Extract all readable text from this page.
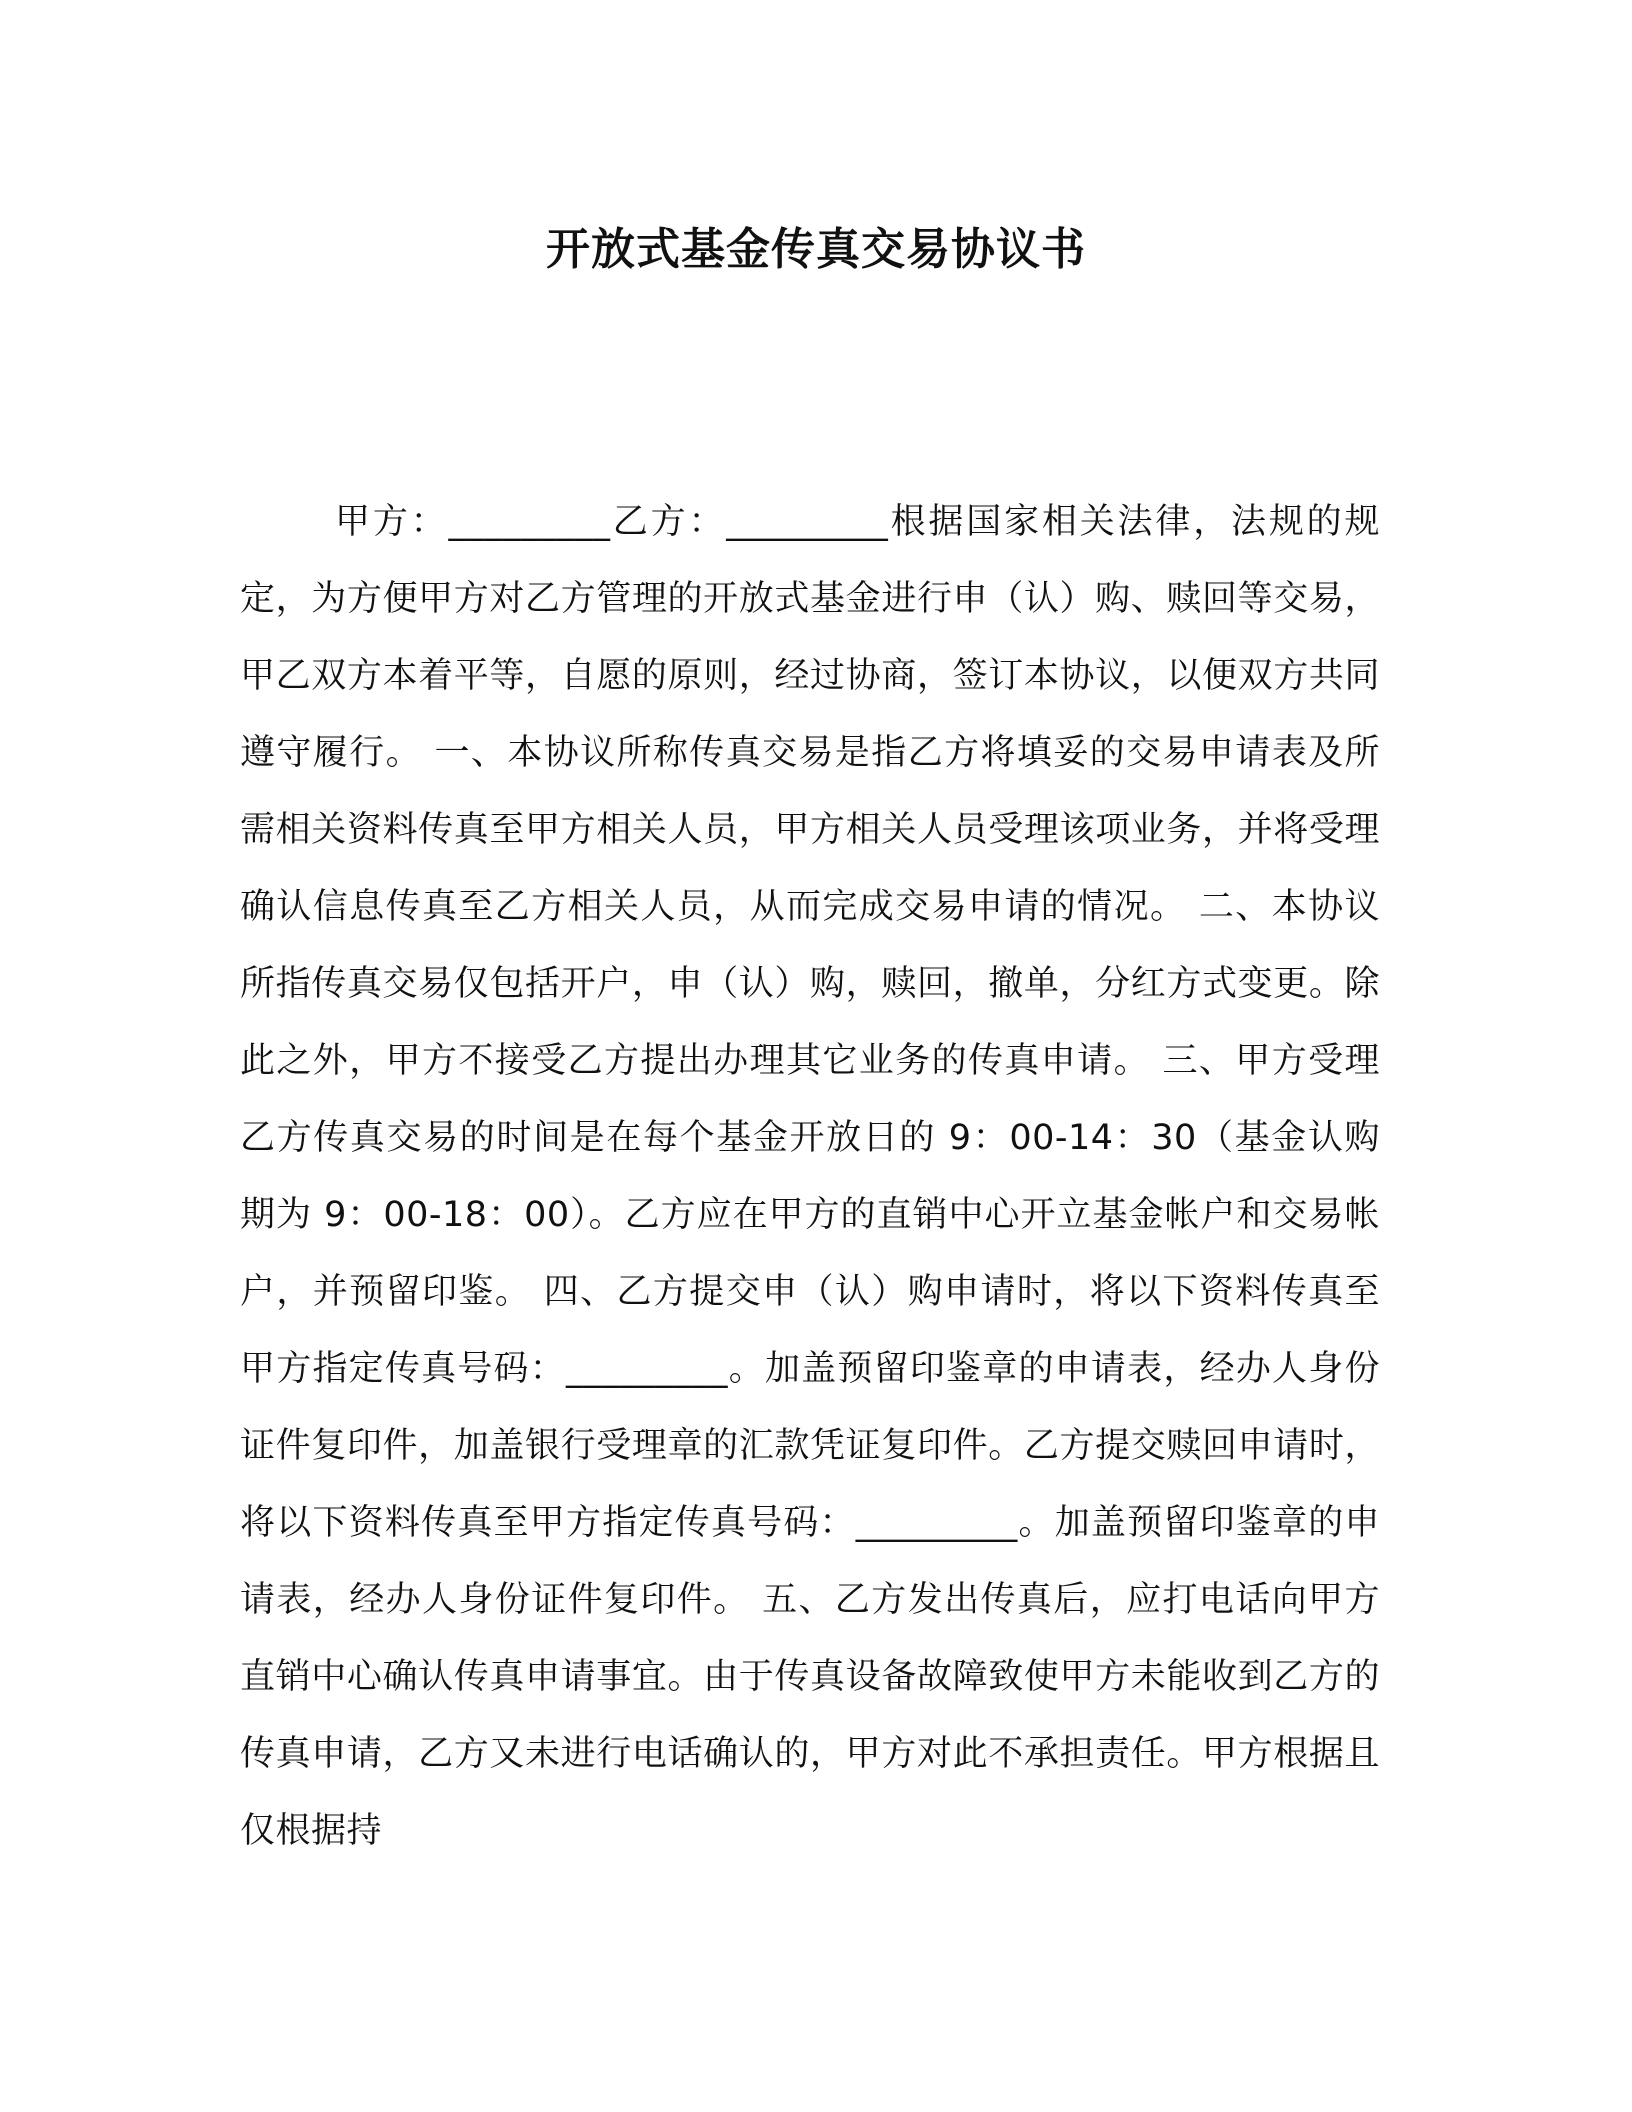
开放式基金传真交易协议书

甲方：_________乙方：_________根据国家相关法律，法规的规定，为方便甲方对乙方管理的开放式基金进行申（认）购、赎回等交易，甲乙双方本着平等，自愿的原则，经过协商，签订本协议，以便双方共同遵守履行。 一、本协议所称传真交易是指乙方将填妥的交易申请表及所需相关资料传真至甲方相关人员，甲方相关人员受理该项业务，并将受理确认信息传真至乙方相关人员，从而完成交易申请的情况。 二、本协议所指传真交易仅包括开户，申（认）购，赎回，撤单，分红方式变更。除此之外，甲方不接受乙方提出办理其它业务的传真申请。 三、甲方受理乙方传真交易的时间是在每个基金开放日的 9：00-14：30（基金认购期为 9：00-18：00）。乙方应在甲方的直销中心开立基金帐户和交易帐户，并预留印鉴。 四、乙方提交申（认）购申请时，将以下资料传真至甲方指定传真号码：_________。加盖预留印鉴章的申请表，经办人身份证件复印件，加盖银行受理章的汇款凭证复印件。乙方提交赎回申请时，将以下资料传真至甲方指定传真号码：_________。加盖预留印鉴章的申请表，经办人身份证件复印件。 五、乙方发出传真后，应打电话向甲方直销中心确认传真申请事宜。由于传真设备故障致使甲方未能收到乙方的传真申请，乙方又未进行电话确认的，甲方对此不承担责任。甲方根据且仅根据持
